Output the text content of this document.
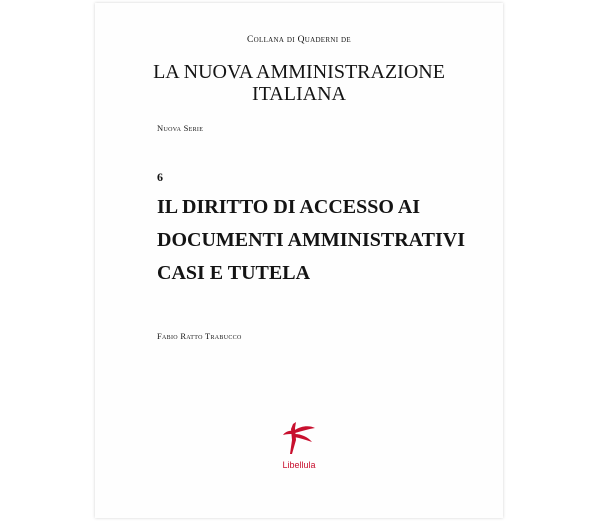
Collana di Quaderni de
LA NUOVA AMMINISTRAZIONE
ITALIANA
Nuova Serie
6
IL DIRITTO DI ACCESSO AI
DOCUMENTI AMMINISTRATIVI
CASI E TUTELA
Fabio Ratto Trabucco
Libellula
